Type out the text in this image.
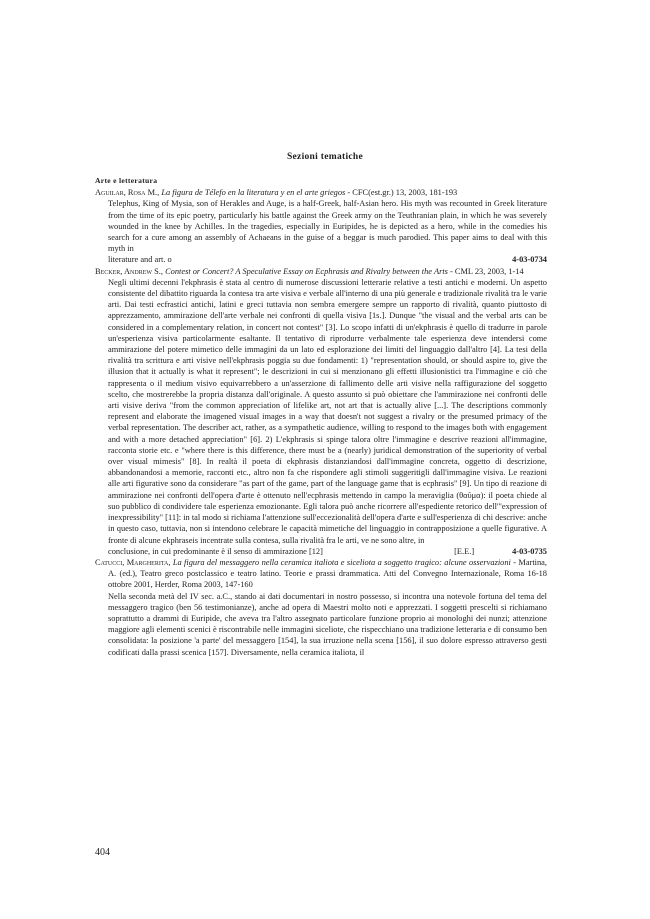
Sezioni tematiche
Arte e letteratura
Aguilar, Rosa M., La figura de Télefo en la literatura y en el arte griegos - CFC(est.gr.) 13, 2003, 181-193
Telephus, King of Mysia, son of Herakles and Auge, is a half-Greek, half-Asian hero. His myth was recounted in Greek literature from the time of its epic poetry, particularly his battle against the Greek army on the Teuthranian plain, in which he was severely wounded in the knee by Achilles. In the tragedies, especially in Euripides, he is depicted as a hero, while in the comedies his search for a cure among an assembly of Achaeans in the guise of a beggar is much parodied. This paper aims to deal with this myth in
literature and art. o	4-03-0734
Becker, Andrew S., Contest or Concert? A Speculative Essay on Ecphrasis and Rivalry between the Arts - CML 23, 2003, 1-14
Negli ultimi decenni l'ekphrasis è stata al centro di numerose discussioni letterarie relative a testi antichi e moderni. Un aspetto consistente del dibattito riguarda la contesa tra arte visiva e verbale all'interno di una più generale e tradizionale rivalità tra le varie arti. Dai testi ecfrastici antichi, latini e greci tuttavia non sembra emergere sempre un rapporto di rivalità, quanto piuttosto di apprezzamento, ammirazione dell'arte verbale nei confronti di quella visiva [1s.]. Dunque "the visual and the verbal arts can be considered in a complementary relation, in concert not contest" [3]. Lo scopo infatti di un'ekphrasis è quello di tradurre in parole un'esperienza visiva particolarmente esaltante. Il tentativo di riprodurre verbalmente tale esperienza deve intendersi come ammirazione del potere mimetico delle immagini da un lato ed esplorazione dei limiti del linguaggio dall'altro [4]. La tesi della rivalità tra scrittura e arti visive nell'ekphrasis poggia su due fondamenti: 1) "representation should, or should aspire to, give the illusion that it actually is what it represent"; le descrizioni in cui si menzionano gli effetti illusionistici tra l'immagine e ciò che rappresenta o il medium visivo equivarrebbero a un'asserzione di fallimento delle arti visive nella raffigurazione del soggetto scelto, che mostrerebbe la propria distanza dall'originale. A questo assunto si può obiettare che l'ammirazione nei confronti delle arti visive deriva "from the common appreciation of lifelike art, not art that is actually alive [...]. The descriptions commonly represent and elaborate the imagened visual images in a way that doesn't not suggest a rivalry or the presumed primacy of the verbal representation. The describer act, rather, as a sympathetic audience, willing to respond to the images both with engagement and with a more detached appreciation" [6]. 2) L'ekphrasis si spinge talora oltre l'immagine e descrive reazioni all'immagine, racconta storie etc. e "where there is this difference, there must be a (nearly) juridical demonstration of the superiority of verbal over visual mimesis" [8]. In realtà il poeta di ekphrasis distanziandosi dall'immagine concreta, oggetto di descrizione, abbandonandosi a memorie, racconti etc., altro non fa che rispondere agli stimoli suggeritigli dall'immagine visiva. Le reazioni alle arti figurative sono da considerare "as part of the game, part of the language game that is ecphrasis" [9]. Un tipo di reazione di ammirazione nei confronti dell'opera d'arte è ottenuto nell'ecphrasis mettendo in campo la meraviglia (θαῦμα): il poeta chiede al suo pubblico di condividere tale esperienza emozionante. Egli talora può anche ricorrere all'espediente retorico dell'"expression of inexpressibility" [11]: in tal modo si richiama l'attenzione sull'eccezionalità dell'opera d'arte e sull'esperienza di chi descrive: anche in questo caso, tuttavia, non si intendono celebrare le capacità mimetiche del linguaggio in contrapposizione a quelle figurative. A fronte di alcune ekphraseis incentrate sulla contesa, sulla rivalità fra le arti, ve ne sono altre, in
conclusione, in cui predominante è il senso di ammirazione [12]	[E.E.]	4-03-0735
Catucci, Margherita, La figura del messaggero nella ceramica italiota e siceliota a soggetto tragico: alcune osservazioni - Martina, A. (ed.), Teatro greco postclassico e teatro latino. Teorie e prassi drammatica. Atti del Convegno Internazionale, Roma 16-18 ottobre 2001, Herder, Roma 2003, 147-160
Nella seconda metà del IV sec. a.C., stando ai dati documentari in nostro possesso, si incontra una notevole fortuna del tema del messaggero tragico (ben 56 testimonianze), anche ad opera di Maestri molto noti e apprezzati. I soggetti prescelti si richiamano soprattutto a drammi di Euripide, che aveva tra l'altro assegnato particolare funzione proprio ai monologhi dei nunzi; attenzione maggiore agli elementi scenici è riscontrabile nelle immagini siceliote, che rispecchiano una tradizione letteraria e di consumo ben consolidata: la posizione 'a parte' del messaggero [154], la sua irruzione nella scena [156], il suo dolore espresso attraverso gesti codificati dalla prassi scenica [157]. Diversamente, nella ceramica italiota, il
404
